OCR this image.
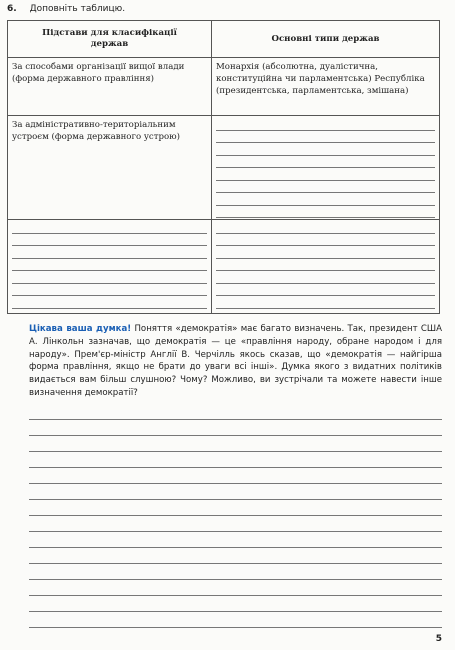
6. Доповніть таблицю.
Підстави для класифікації держав	Основні типи держав

За способами організації вищої влади (форма державного правління)	Монархія (абсолютна, дуалістична, конституційна чи парламентська) Республіка (президентська, парламентська, змішана)

За адміністративно-територіальним устроєм (форма державного устрою)	

Цікава ваша думка! Поняття «демократія» має багато визначень. Так, президент США А. Лінкольн зазначав, що демократія — це «правління народу, обране народом і для народу». Прем'єр-міністр Англії В. Черчілль якось сказав, що «демократія — найгірша форма правління, якщо не брати до уваги всі інші». Думка якого з видатних політиків видається вам більш слушною? Чому? Можливо, ви зустрічали та можете навести інше визначення демократії?

5
